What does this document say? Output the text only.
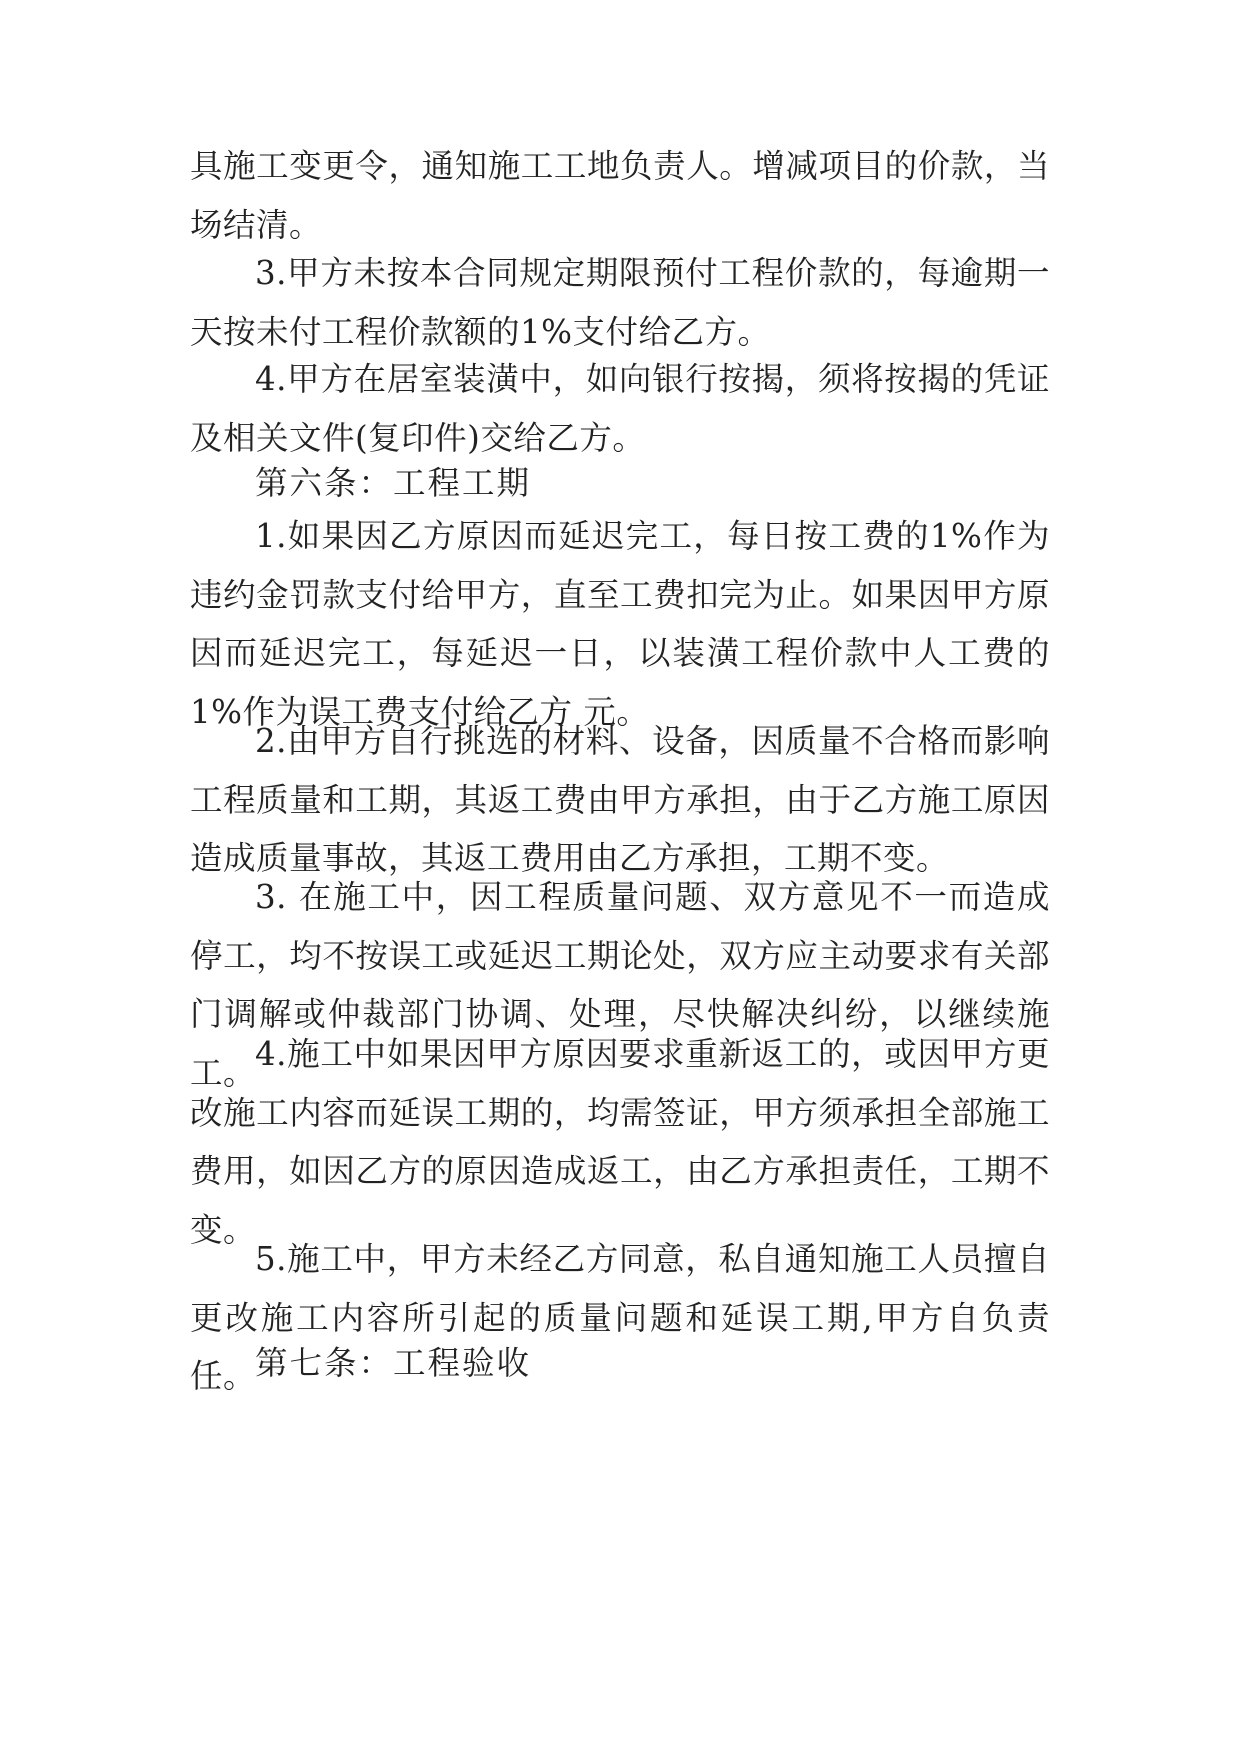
具施工变更令，通知施工工地负责人。增减项目的价款，当场结清。

3.甲方未按本合同规定期限预付工程价款的，每逾期一天按未付工程价款额的1%支付给乙方。

4.甲方在居室装潢中，如向银行按揭，须将按揭的凭证及相关文件(复印件)交给乙方。

第六条：工程工期

1.如果因乙方原因而延迟完工，每日按工费的1%作为违约金罚款支付给甲方，直至工费扣完为止。如果因甲方原因而延迟完工，每延迟一日，以装潢工程价款中人工费的1%作为误工费支付给乙方 元。

2.由甲方自行挑选的材料、设备，因质量不合格而影响工程质量和工期，其返工费由甲方承担，由于乙方施工原因造成质量事故，其返工费用由乙方承担，工期不变。

3. 在施工中，因工程质量问题、双方意见不一而造成停工，均不按误工或延迟工期论处，双方应主动要求有关部门调解或仲裁部门协调、处理，尽快解决纠纷，以继续施工。

4.施工中如果因甲方原因要求重新返工的，或因甲方更改施工内容而延误工期的，均需签证，甲方须承担全部施工费用，如因乙方的原因造成返工，由乙方承担责任，工期不变。

5.施工中，甲方未经乙方同意，私自通知施工人员擅自更改施工内容所引起的质量问题和延误工期,甲方自负责任。

第七条：工程验收
